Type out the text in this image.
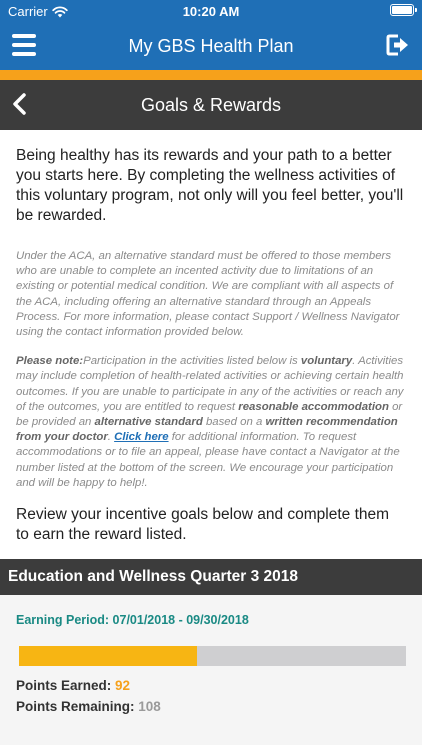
Carrier	10:20 AM
My GBS Health Plan
Goals & Rewards

Being healthy has its rewards and your path to a better you starts here. By completing the wellness activities of this voluntary program, not only will you feel better, you'll be rewarded.

Under the ACA, an alternative standard must be offered to those members who are unable to complete an incented activity due to limitations of an existing or potential medical condition. We are compliant with all aspects of the ACA, including offering an alternative standard through an Appeals Process. For more information, please contact Support / Wellness Navigator using the contact information provided below.

Please note:Participation in the activities listed below is voluntary. Activities may include completion of health-related activities or achieving certain health outcomes. If you are unable to participate in any of the activities or reach any of the outcomes, you are entitled to request reasonable accommodation or be provided an alternative standard based on a written recommendation from your doctor. Click here for additional information. To request accommodations or to file an appeal, please have contact a Navigator at the number listed at the bottom of the screen. We encourage your participation and will be happy to help!.

Review your incentive goals below and complete them to earn the reward listed.

Education and Wellness Quarter 3 2018
Earning Period: 07/01/2018 - 09/30/2018
Points Earned: 92
Points Remaining: 108
